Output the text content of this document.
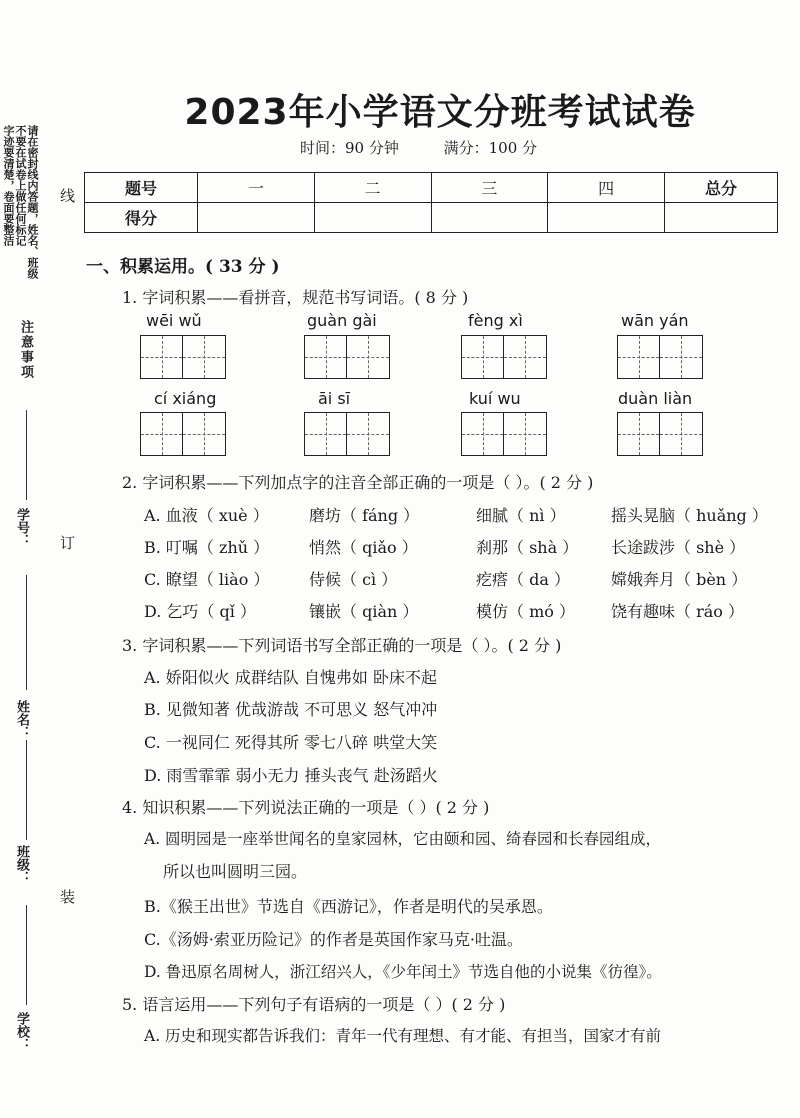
请在密封线内答题，姓名、班级
不要在试卷上做任何标记
字迹要清楚，卷面要整洁
注意事项
学校：
班级：
姓名：
学号：
线
订
装
2023年小学语文分班考试试卷
时间：90 分钟	满分：100 分
题号	一	二	三	四	总分
得分					
一、积累运用。( 33 分 )
1. 字词积累——看拼音，规范书写词语。( 8 分 )
wēi wǔ	guàn gài	fèng xì	wān yán
cí xiáng	āi sī	kuí wu	duàn liàn
2. 字词积累——下列加点字的注音全部正确的一项是（ ）。( 2 分 )
A. 血液（ xuè ）	磨坊（ fáng ）	细腻（ nì ）	摇头晃脑（ huǎng ）
B. 叮嘱（ zhǔ ） 悄然（ qiǎo ）	刹那（ shà ） 长途跋涉（ shè ）
C. 瞭望（ liào ） 侍候（ cì ）	疙瘩（ da ）	嫦娥奔月（ bèn ）
D. 乞巧（ qǐ ）	镶嵌（ qiàn ）	模仿（ mó ） 饶有趣味（ ráo ）
3. 字词积累——下列词语书写全部正确的一项是（ ）。( 2 分 )
A. 娇阳似火 成群结队 自愧弗如 卧床不起
B. 见微知著 优哉游哉 不可思义 怒气冲冲
C. 一视同仁 死得其所 零七八碎 哄堂大笑
D. 雨雪霏霏 弱小无力 捶头丧气 赴汤蹈火
4. 知识积累——下列说法正确的一项是（ ）( 2 分 )
A. 圆明园是一座举世闻名的皇家园林，它由颐和园、绮春园和长春园组成，
所以也叫圆明三园。
B.《猴王出世》节选自《西游记》，作者是明代的吴承恩。
C.《汤姆·索亚历险记》的作者是英国作家马克·吐温。
D. 鲁迅原名周树人，浙江绍兴人，《少年闰土》节选自他的小说集《彷徨》。
5. 语言运用——下列句子有语病的一项是（ ）( 2 分 )
A. 历史和现实都告诉我们：青年一代有理想、有才能、有担当，国家才有前
